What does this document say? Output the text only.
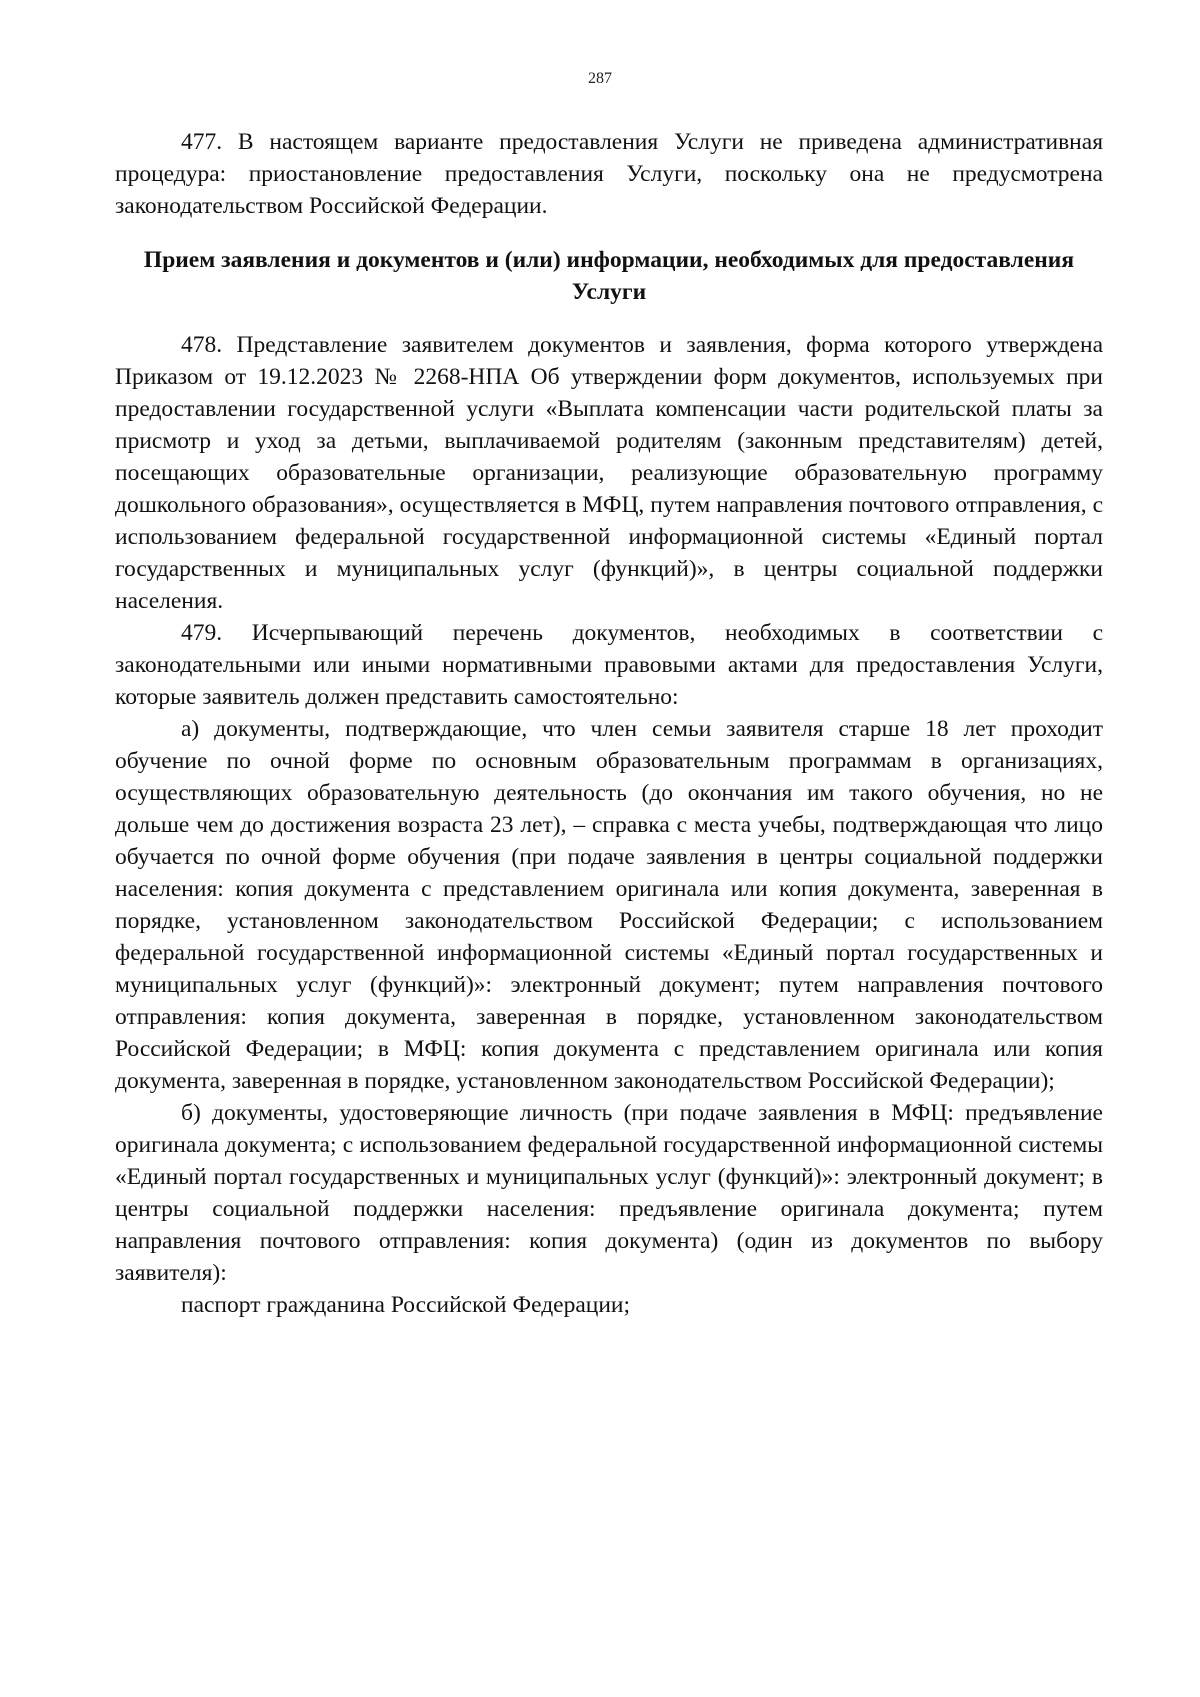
287

477. В настоящем варианте предоставления Услуги не приведена административная процедура: приостановление предоставления Услуги, поскольку она не предусмотрена законодательством Российской Федерации.

Прием заявления и документов и (или) информации, необходимых для предоставления Услуги

478. Представление заявителем документов и заявления, форма которого утверждена Приказом от 19.12.2023 № 2268-НПА Об утверждении форм документов, используемых при предоставлении государственной услуги «Выплата компенсации части родительской платы за присмотр и уход за детьми, выплачиваемой родителям (законным представителям) детей, посещающих образовательные организации, реализующие образовательную программу дошкольного образования», осуществляется в МФЦ, путем направления почтового отправления, с использованием федеральной государственной информационной системы «Единый портал государственных и муниципальных услуг (функций)», в центры социальной поддержки населения.

479. Исчерпывающий перечень документов, необходимых в соответствии с законодательными или иными нормативными правовыми актами для предоставления Услуги, которые заявитель должен представить самостоятельно:

а) документы, подтверждающие, что член семьи заявителя старше 18 лет проходит обучение по очной форме по основным образовательным программам в организациях, осуществляющих образовательную деятельность (до окончания им такого обучения, но не дольше чем до достижения возраста 23 лет), – справка с места учебы, подтверждающая что лицо обучается по очной форме обучения (при подаче заявления в центры социальной поддержки населения: копия документа с представлением оригинала или копия документа, заверенная в порядке, установленном законодательством Российской Федерации; с использованием федеральной государственной информационной системы «Единый портал государственных и муниципальных услуг (функций)»: электронный документ; путем направления почтового отправления: копия документа, заверенная в порядке, установленном законодательством Российской Федерации; в МФЦ: копия документа с представлением оригинала или копия документа, заверенная в порядке, установленном законодательством Российской Федерации);

б) документы, удостоверяющие личность (при подаче заявления в МФЦ: предъявление оригинала документа; с использованием федеральной государственной информационной системы «Единый портал государственных и муниципальных услуг (функций)»: электронный документ; в центры социальной поддержки населения: предъявление оригинала документа; путем направления почтового отправления: копия документа) (один из документов по выбору заявителя):

паспорт гражданина Российской Федерации;
